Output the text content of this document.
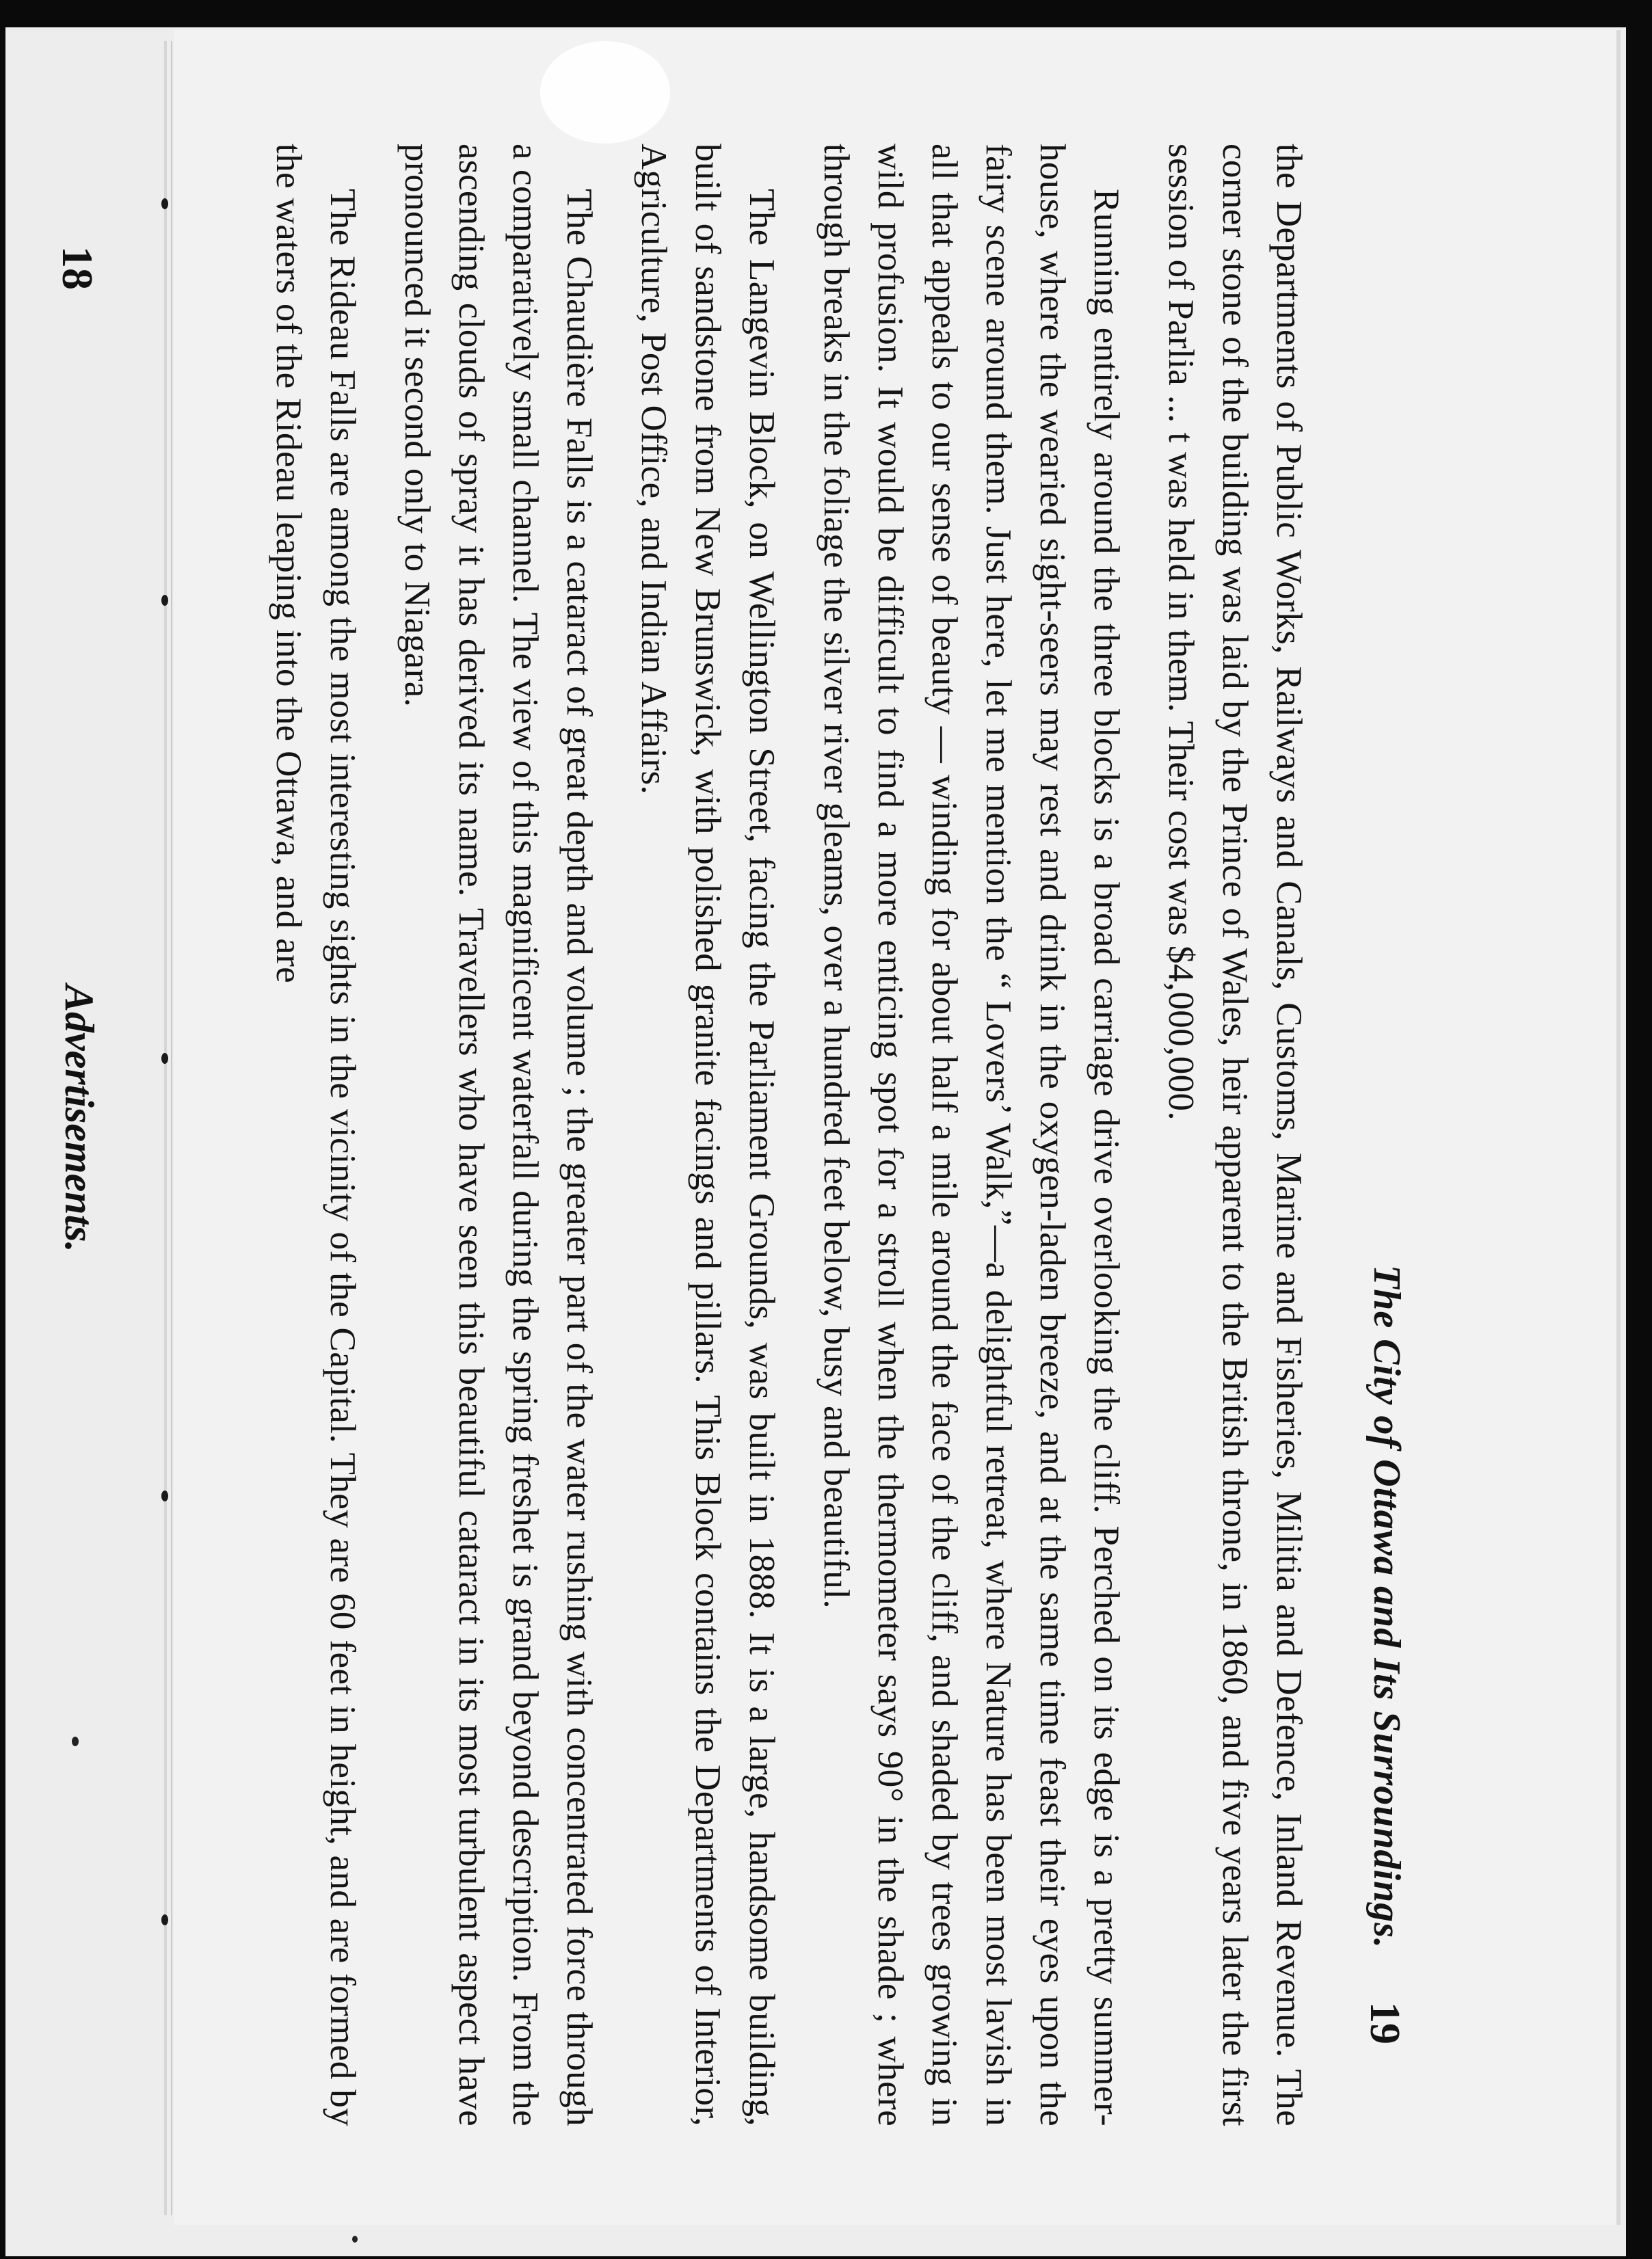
18
Advertisements.
The City of Ottawa and Its Surroundings.
19

the Departments of Public Works, Railways and Canals, Customs, Marine and Fisheries, Militia and Defence, Inland Revenue. The corner stone of the building was laid by the Prince of Wales, heir apparent to the British throne, in 1860, and five years later the first session of Parlia ... t was held in them. Their cost was $4,000,000.

Running entirely around the three blocks is a broad carriage drive overlooking the cliff. Perched on its edge is a pretty summer-house, where the wearied sight-seers may rest and drink in the oxygen-laden breeze, and at the same time feast their eyes upon the fairy scene around them. Just here, let me mention the “ Lovers’ Walk,”—a delightful retreat, where Nature has been most lavish in all that appeals to our sense of beauty — winding for about half a mile around the face of the cliff, and shaded by trees growing in wild profusion. It would be difficult to find a more enticing spot for a stroll when the thermometer says 90° in the shade ; where through breaks in the foliage the silver river gleams, over a hundred feet below, busy and beautiful.

The Langevin Block, on Wellington Street, facing the Parliament Grounds, was built in 1888. It is a large, handsome building, built of sandstone from New Brunswick, with polished granite facings and pillars. This Block contains the Departments of Interior, Agriculture, Post Office, and Indian Affairs.

The Chaudière Falls is a cataract of great depth and volume ; the greater part of the water rushing with concentrated force through a comparatively small channel. The view of this magnificent waterfall during the spring freshet is grand beyond description. From the ascending clouds of spray it has derived its name. Travellers who have seen this beautiful cataract in its most turbulent aspect have pronounced it second only to Niagara.

The Rideau Falls are among the most interesting sights in the vicinity of the Capital. They are 60 feet in height, and are formed by the waters of the Rideau leaping into the Ottawa, and are
